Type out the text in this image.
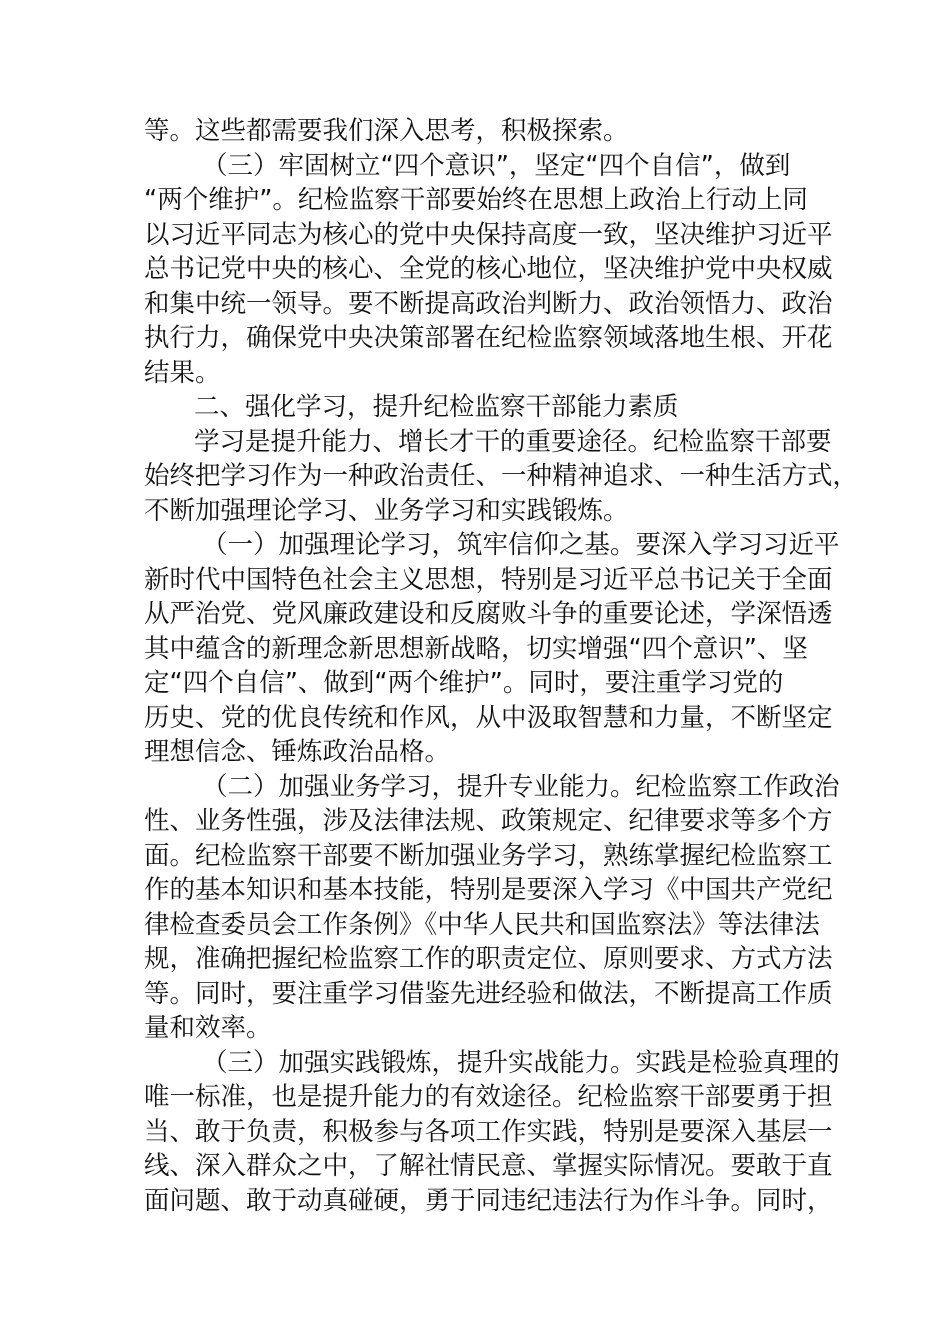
等。这些都需要我们深入思考，积极探索。
（三）牢固树立“四个意识”，坚定“四个自信”，做到
“两个维护”。纪检监察干部要始终在思想上政治上行动上同
以习近平同志为核心的党中央保持高度一致，坚决维护习近平
总书记党中央的核心、全党的核心地位，坚决维护党中央权威
和集中统一领导。要不断提高政治判断力、政治领悟力、政治
执行力，确保党中央决策部署在纪检监察领域落地生根、开花
结果。
二、强化学习，提升纪检监察干部能力素质
学习是提升能力、增长才干的重要途径。纪检监察干部要
始终把学习作为一种政治责任、一种精神追求、一种生活方式，
不断加强理论学习、业务学习和实践锻炼。
（一）加强理论学习，筑牢信仰之基。要深入学习习近平
新时代中国特色社会主义思想，特别是习近平总书记关于全面
从严治党、党风廉政建设和反腐败斗争的重要论述，学深悟透
其中蕴含的新理念新思想新战略，切实增强“四个意识”、坚
定“四个自信”、做到“两个维护”。同时，要注重学习党的
历史、党的优良传统和作风，从中汲取智慧和力量，不断坚定
理想信念、锤炼政治品格。
（二）加强业务学习，提升专业能力。纪检监察工作政治
性、业务性强，涉及法律法规、政策规定、纪律要求等多个方
面。纪检监察干部要不断加强业务学习，熟练掌握纪检监察工
作的基本知识和基本技能，特别是要深入学习《中国共产党纪
律检查委员会工作条例》《中华人民共和国监察法》等法律法
规，准确把握纪检监察工作的职责定位、原则要求、方式方法
等。同时，要注重学习借鉴先进经验和做法，不断提高工作质
量和效率。
（三）加强实践锻炼，提升实战能力。实践是检验真理的
唯一标准，也是提升能力的有效途径。纪检监察干部要勇于担
当、敢于负责，积极参与各项工作实践，特别是要深入基层一
线、深入群众之中，了解社情民意、掌握实际情况。要敢于直
面问题、敢于动真碰硬，勇于同违纪违法行为作斗争。同时，
